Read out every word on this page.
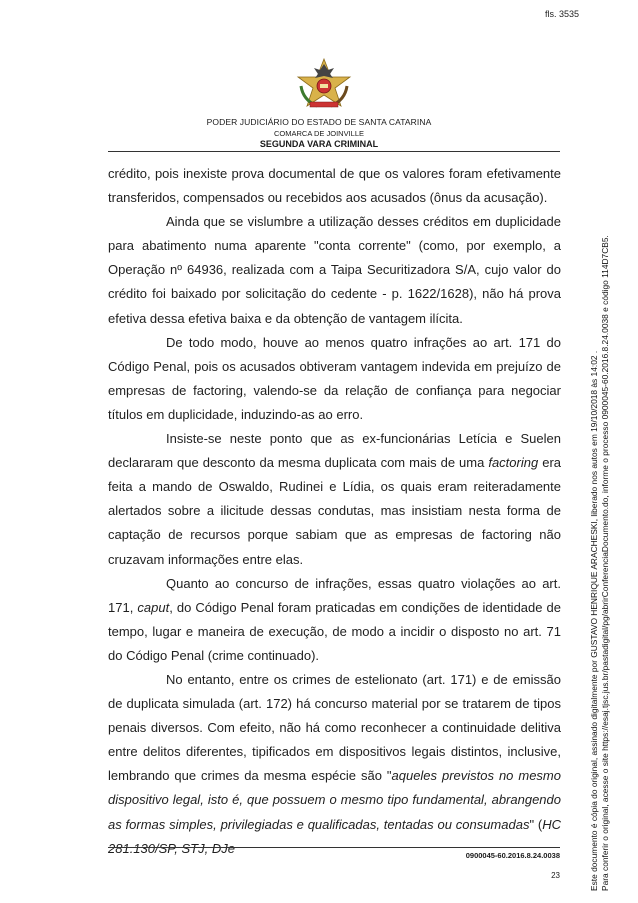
fls. 3535
PODER JUDICIÁRIO DO ESTADO DE SANTA CATARINA
COMARCA DE JOINVILLE
SEGUNDA VARA CRIMINAL

crédito, pois inexiste prova documental de que os valores foram efetivamente transferidos, compensados ou recebidos aos acusados (ônus da acusação).

Ainda que se vislumbre a utilização desses créditos em duplicidade para abatimento numa aparente "conta corrente" (como, por exemplo, a Operação nº 64936, realizada com a Taipa Securitizadora S/A, cujo valor do crédito foi baixado por solicitação do cedente - p. 1622/1628), não há prova efetiva dessa efetiva baixa e da obtenção de vantagem ilícita.

De todo modo, houve ao menos quatro infrações ao art. 171 do Código Penal, pois os acusados obtiveram vantagem indevida em prejuízo de empresas de factoring, valendo-se da relação de confiança para negociar títulos em duplicidade, induzindo-as ao erro.

Insiste-se neste ponto que as ex-funcionárias Letícia e Suelen declararam que desconto da mesma duplicata com mais de uma factoring era feita a mando de Oswaldo, Rudinei e Lídia, os quais eram reiteradamente alertados sobre a ilicitude dessas condutas, mas insistiam nesta forma de captação de recursos porque sabiam que as empresas de factoring não cruzavam informações entre elas.

Quanto ao concurso de infrações, essas quatro violações ao art. 171, caput, do Código Penal foram praticadas em condições de identidade de tempo, lugar e maneira de execução, de modo a incidir o disposto no art. 71 do Código Penal (crime continuado).

No entanto, entre os crimes de estelionato (art. 171) e de emissão de duplicata simulada (art. 172) há concurso material por se tratarem de tipos penais diversos. Com efeito, não há como reconhecer a continuidade delitiva entre delitos diferentes, tipificados em dispositivos legais distintos, inclusive, lembrando que crimes da mesma espécie são "aqueles previstos no mesmo dispositivo legal, isto é, que possuem o mesmo tipo fundamental, abrangendo as formas simples, privilegiadas e qualificadas, tentadas ou consumadas" (HC 281.130/SP, STJ, DJe	0900045-60.2016.8.24.0038
23	Este documento é cópia do original, assinado digitalmente por GUSTAVO HENRIQUE ARACHESKI, liberado nos autos em 19/10/2018 às 14:02 . Para conferir o original, acesse o site https://esaj.tjsc.jus.br/pastadigital/pg/abrirConferenciaDocumento.do, informe o processo 0900045-60.2016.8.24.0038 e código 114D7CB5.
